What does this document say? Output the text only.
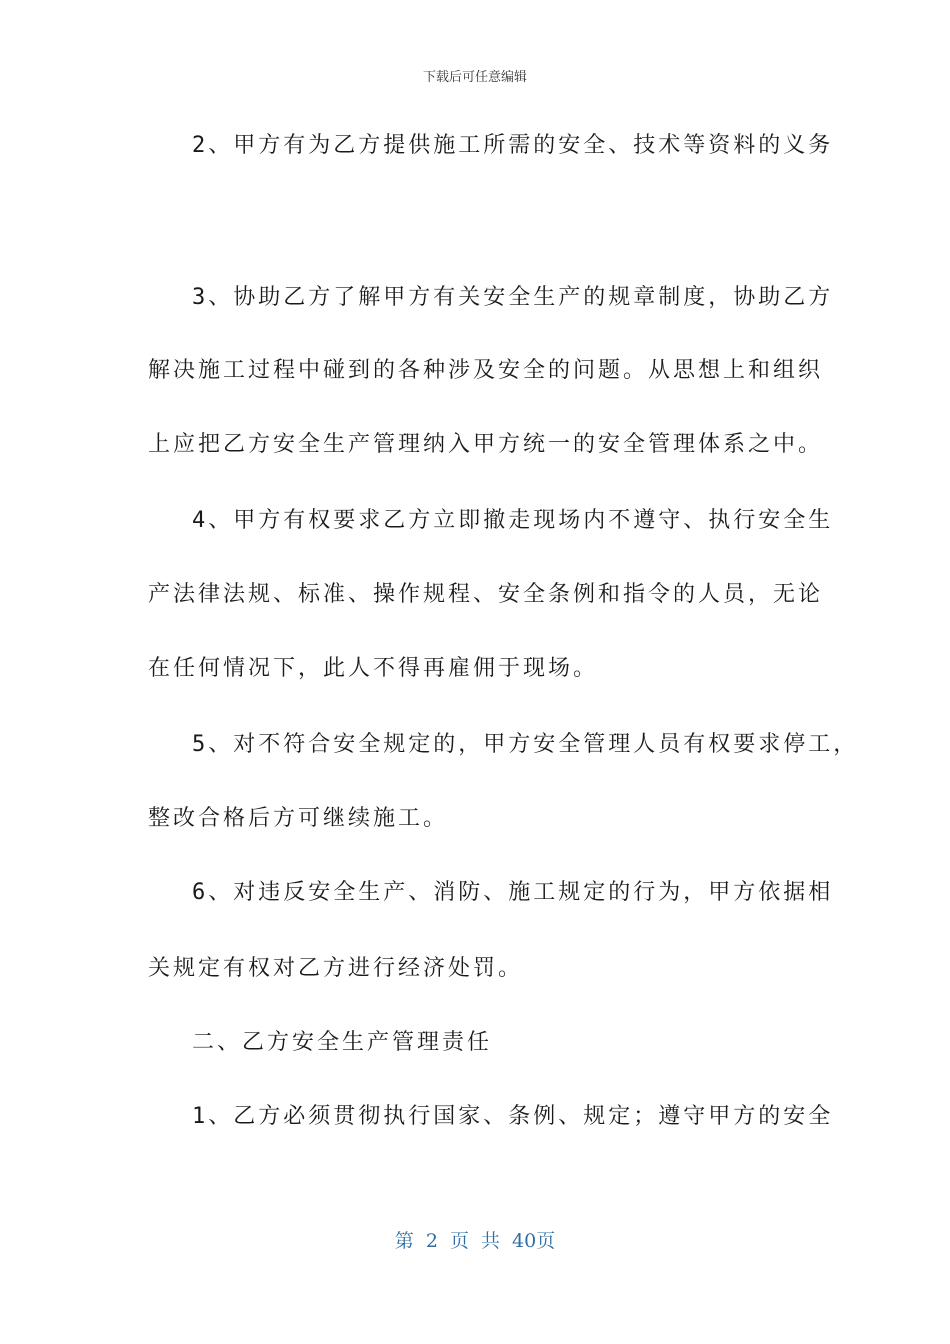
下载后可任意编辑
2、甲方有为乙方提供施工所需的安全、技术等资料的义务
3、协助乙方了解甲方有关安全生产的规章制度，协助乙方
解决施工过程中碰到的各种涉及安全的问题。从思想上和组织
上应把乙方安全生产管理纳入甲方统一的安全管理体系之中。
4、甲方有权要求乙方立即撤走现场内不遵守、执行安全生
产法律法规、标准、操作规程、安全条例和指令的人员，无论
在任何情况下，此人不得再雇佣于现场。
5、对不符合安全规定的，甲方安全管理人员有权要求停工，
整改合格后方可继续施工。
6、对违反安全生产、消防、施工规定的行为，甲方依据相
关规定有权对乙方进行经济处罚。
二、乙方安全生产管理责任
1、乙方必须贯彻执行国家、条例、规定；遵守甲方的安全
第 2 页 共 40页
